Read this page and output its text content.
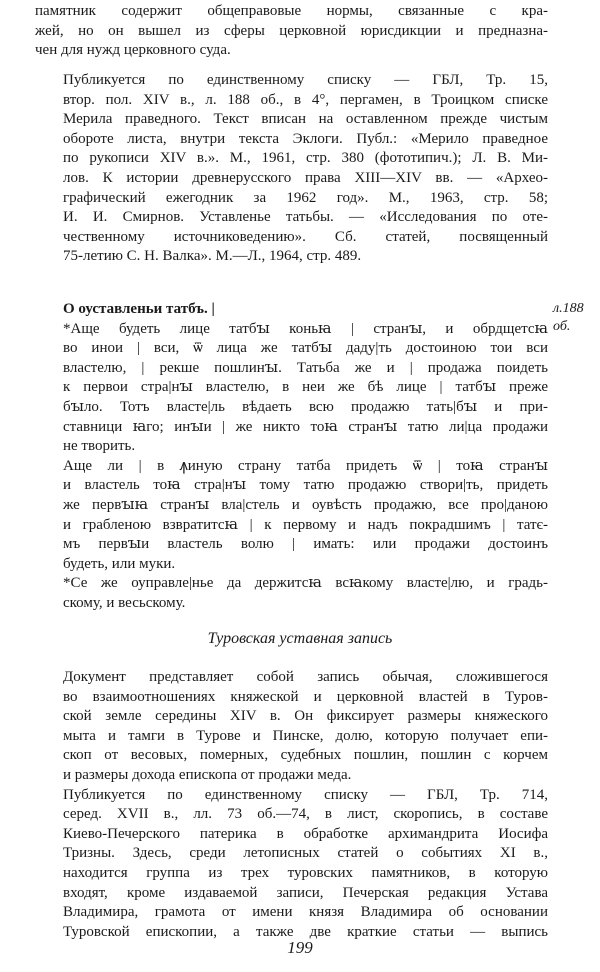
памятник содержит общеправовые нормы, связанные с кра-
жей, но он вышел из сферы церковной юрисдикции и предназна-
чен для нужд церковного суда.

Публикуется по единственному списку — ГБЛ, Тр. 15,
втор. пол. XIV в., л. 188 об., в 4°, пергамен, в Троицком списке
Мерила праведного. Текст вписан на оставленном прежде чистым
обороте листа, внутри текста Эклоги. Публ.: «Мерило праведное
по рукописи XIV в.». М., 1961, стр. 380 (фототипич.); Л. В. Ми-
лов. К истории древнерусского права XIII—XIV вв. — «Архео-
графический ежегодник за 1962 год». М., 1963, стр. 58;
И. И. Смирнов. Уставленье татьбы. — «Исследования по оте-
чественному источниковедению». Сб. статей, посвященный
75-летию С. Н. Валка». М.—Л., 1964, стр. 489.

О оуставленьи татбъ. |

*Аще будеть лице татбꙑ коньꙗ | странꙑ, и обрдщетсꙗ
во инои | вси, ѿ лица же татбꙑ даду|ть достоиною тои вси
властелю, | рекше пошлинꙑ. Татьба же и | продажа поидеть
к первои стра|нꙑ властелю, в неи же бѣ лице | татбꙑ преже
бꙑло. Тотъ власте|ль вѣдаеть всю продажю тать|бꙑ и при-
ставници ꙗго; инꙑи | же никто тоꙗ странꙑ татю ли|ца продажи
не творить.

Аще ли | в ꙟиную страну татба придеть ѿ | тоꙗ странꙑ
и властель тоꙗ стра|нꙑ тому татю продажю створи|ть, придеть
же первꙑꙗ странꙑ вла|стель и оувѣсть продажю, все про|даною
и грабленою взвратитсꙗ | к первому и надъ покрадшимъ | татє-
мъ первꙑи властель волю | имать: или продажи достоинъ
будеть, или муки.

*Се же оуправле|нье да держитсꙗ всꙗкому власте|лю, и градь-
скому, и весьскому.

л.188
об.
Туровская уставная запись

Документ представляет собой запись обычая, сложившегося
во взаимоотношениях княжеской и церковной властей в Туров-
ской земле середины XIV в. Он фиксирует размеры княжеского
мыта и тамги в Турове и Пинске, долю, которую получает епи-
скоп от весовых, померных, судебных пошлин, пошлин с корчем
и размеры дохода епископа от продажи меда.

Публикуется по единственному списку — ГБЛ, Тр. 714,
серед. XVII в., лл. 73 об.—74, в лист, скоропись, в составе
Киево-Печерского патерика в обработке архимандрита Иосифа
Тризны. Здесь, среди летописных статей о событиях XI в.,
находится группа из трех туровских памятников, в которую
входят, кроме издаваемой записи, Печерская редакция Устава
Владимира, грамота от имени князя Владимира об основании
Туровской епископии, а также две краткие статьи — выпись

199
